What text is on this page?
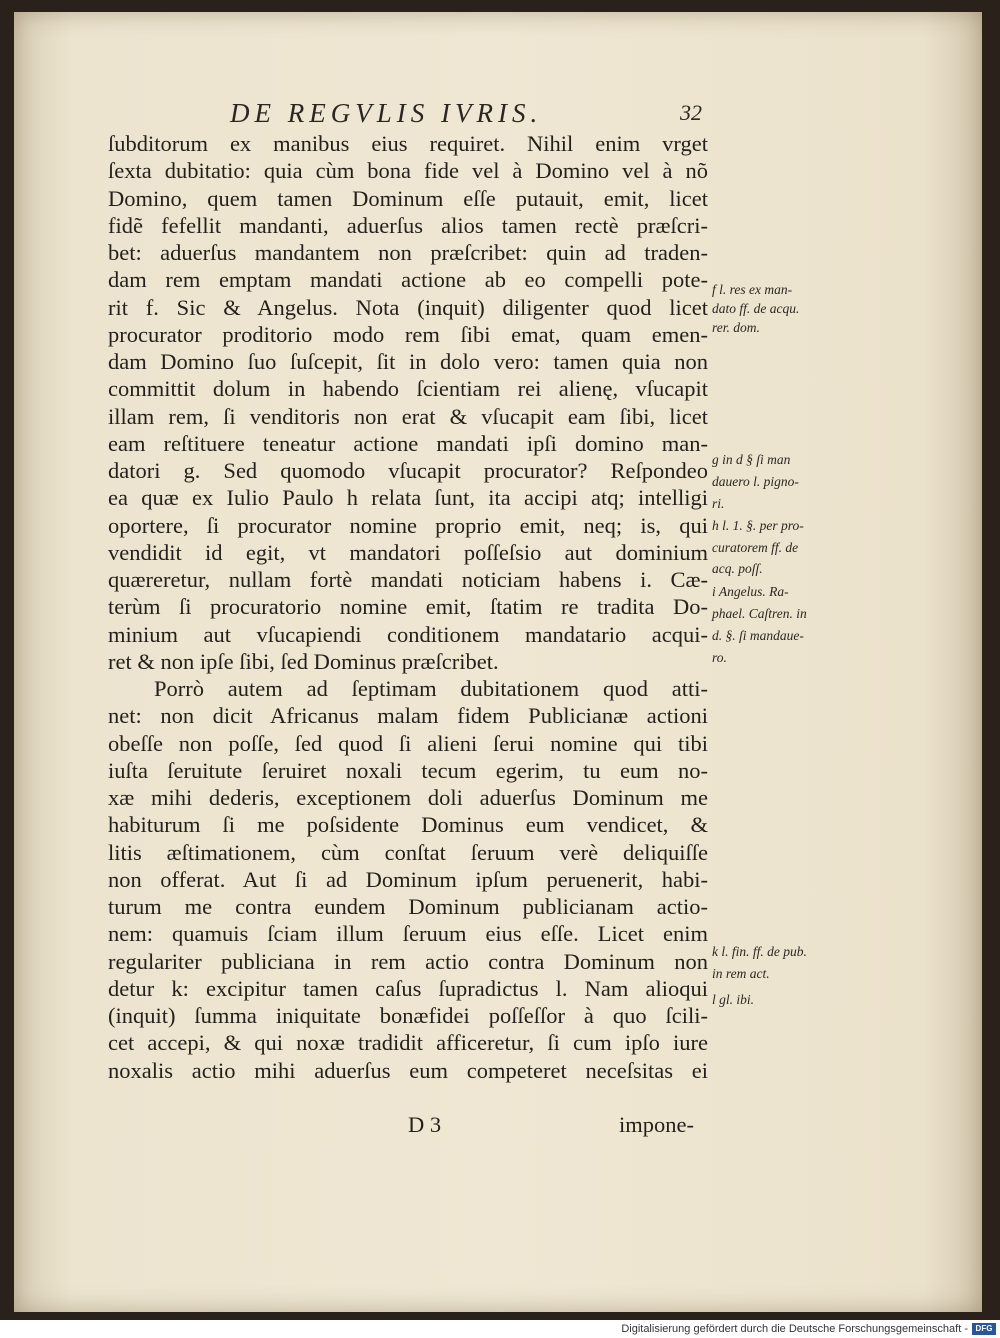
DE REGVLIS IVRIS.	32
ſubditorum ex manibus eius requiret. Nihil enim vrget
ſexta dubitatio: quia cùm bona fide vel à Domino vel à nõ
Domino, quem tamen Dominum eſſe putauit, emit, licet
fidẽ fefellit mandanti, aduerſus alios tamen rectè præſcri-
bet: aduerſus mandantem non præſcribet: quin ad traden-
dam rem emptam mandati actione ab eo compelli pote-
rit f. Sic & Angelus. Nota (inquit) diligenter quod licet
procurator proditorio modo rem ſibi emat, quam emen-
dam Domino ſuo ſuſcepit, ſit in dolo vero: tamen quia non
committit dolum in habendo ſcientiam rei alienę, vſucapit
illam rem, ſi venditoris non erat & vſucapit eam ſibi, licet
eam reſtituere teneatur actione mandati ipſi domino man-
datori g. Sed quomodo vſucapit procurator? Reſpondeo
ea quæ ex Iulio Paulo h relata ſunt, ita accipi atq; intelligi
oportere, ſi procurator nomine proprio emit, neq; is, qui
vendidit id egit, vt mandatori poſſeſsio aut dominium
quæreretur, nullam fortè mandati noticiam habens i. Cæ-
terùm ſi procuratorio nomine emit, ſtatim re tradita Do-
minium aut vſucapiendi conditionem mandatario acqui-
ret & non ipſe ſibi, ſed Dominus præſcribet.
Porrò autem ad ſeptimam dubitationem quod atti-
net: non dicit Africanus malam fidem Publicianæ actioni
obeſſe non poſſe, ſed quod ſi alieni ſerui nomine qui tibi
iuſta ſeruitute ſeruiret noxali tecum egerim, tu eum no-
xæ mihi dederis, exceptionem doli aduerſus Dominum me
habiturum ſi me poſsidente Dominus eum vendicet, &
litis æſtimationem, cùm conſtat ſeruum verè deliquiſſe
non offerat. Aut ſi ad Dominum ipſum peruenerit, habi-
turum me contra eundem Dominum publicianam actio-
nem: quamuis ſciam illum ſeruum eius eſſe. Licet enim
regulariter publiciana in rem actio contra Dominum non
detur k: excipitur tamen caſus ſupradictus l. Nam alioqui
(inquit) ſumma iniquitate bonæfidei poſſeſſor à quo ſcili-
cet accepi, & qui noxæ tradidit afficeretur, ſi cum ipſo iure
noxalis actio mihi aduerſus eum competeret neceſsitas ei
f l. res ex man-
dato ff. de acqu.
rer. dom.
g in d § ſi man
dauero l. pigno-
ri.
h l. 1. §. per pro-
curatorem ff. de
acq. poſſ.
i Angelus. Ra-
phael. Caſtren. in
d. §. ſi mandaue-
ro.
k l. fin. ff. de pub.
in rem act.
l gl. ibi.
D 3	impone-
Digitalisierung gefördert durch die Deutsche Forschungsgemeinschaft - DFG
